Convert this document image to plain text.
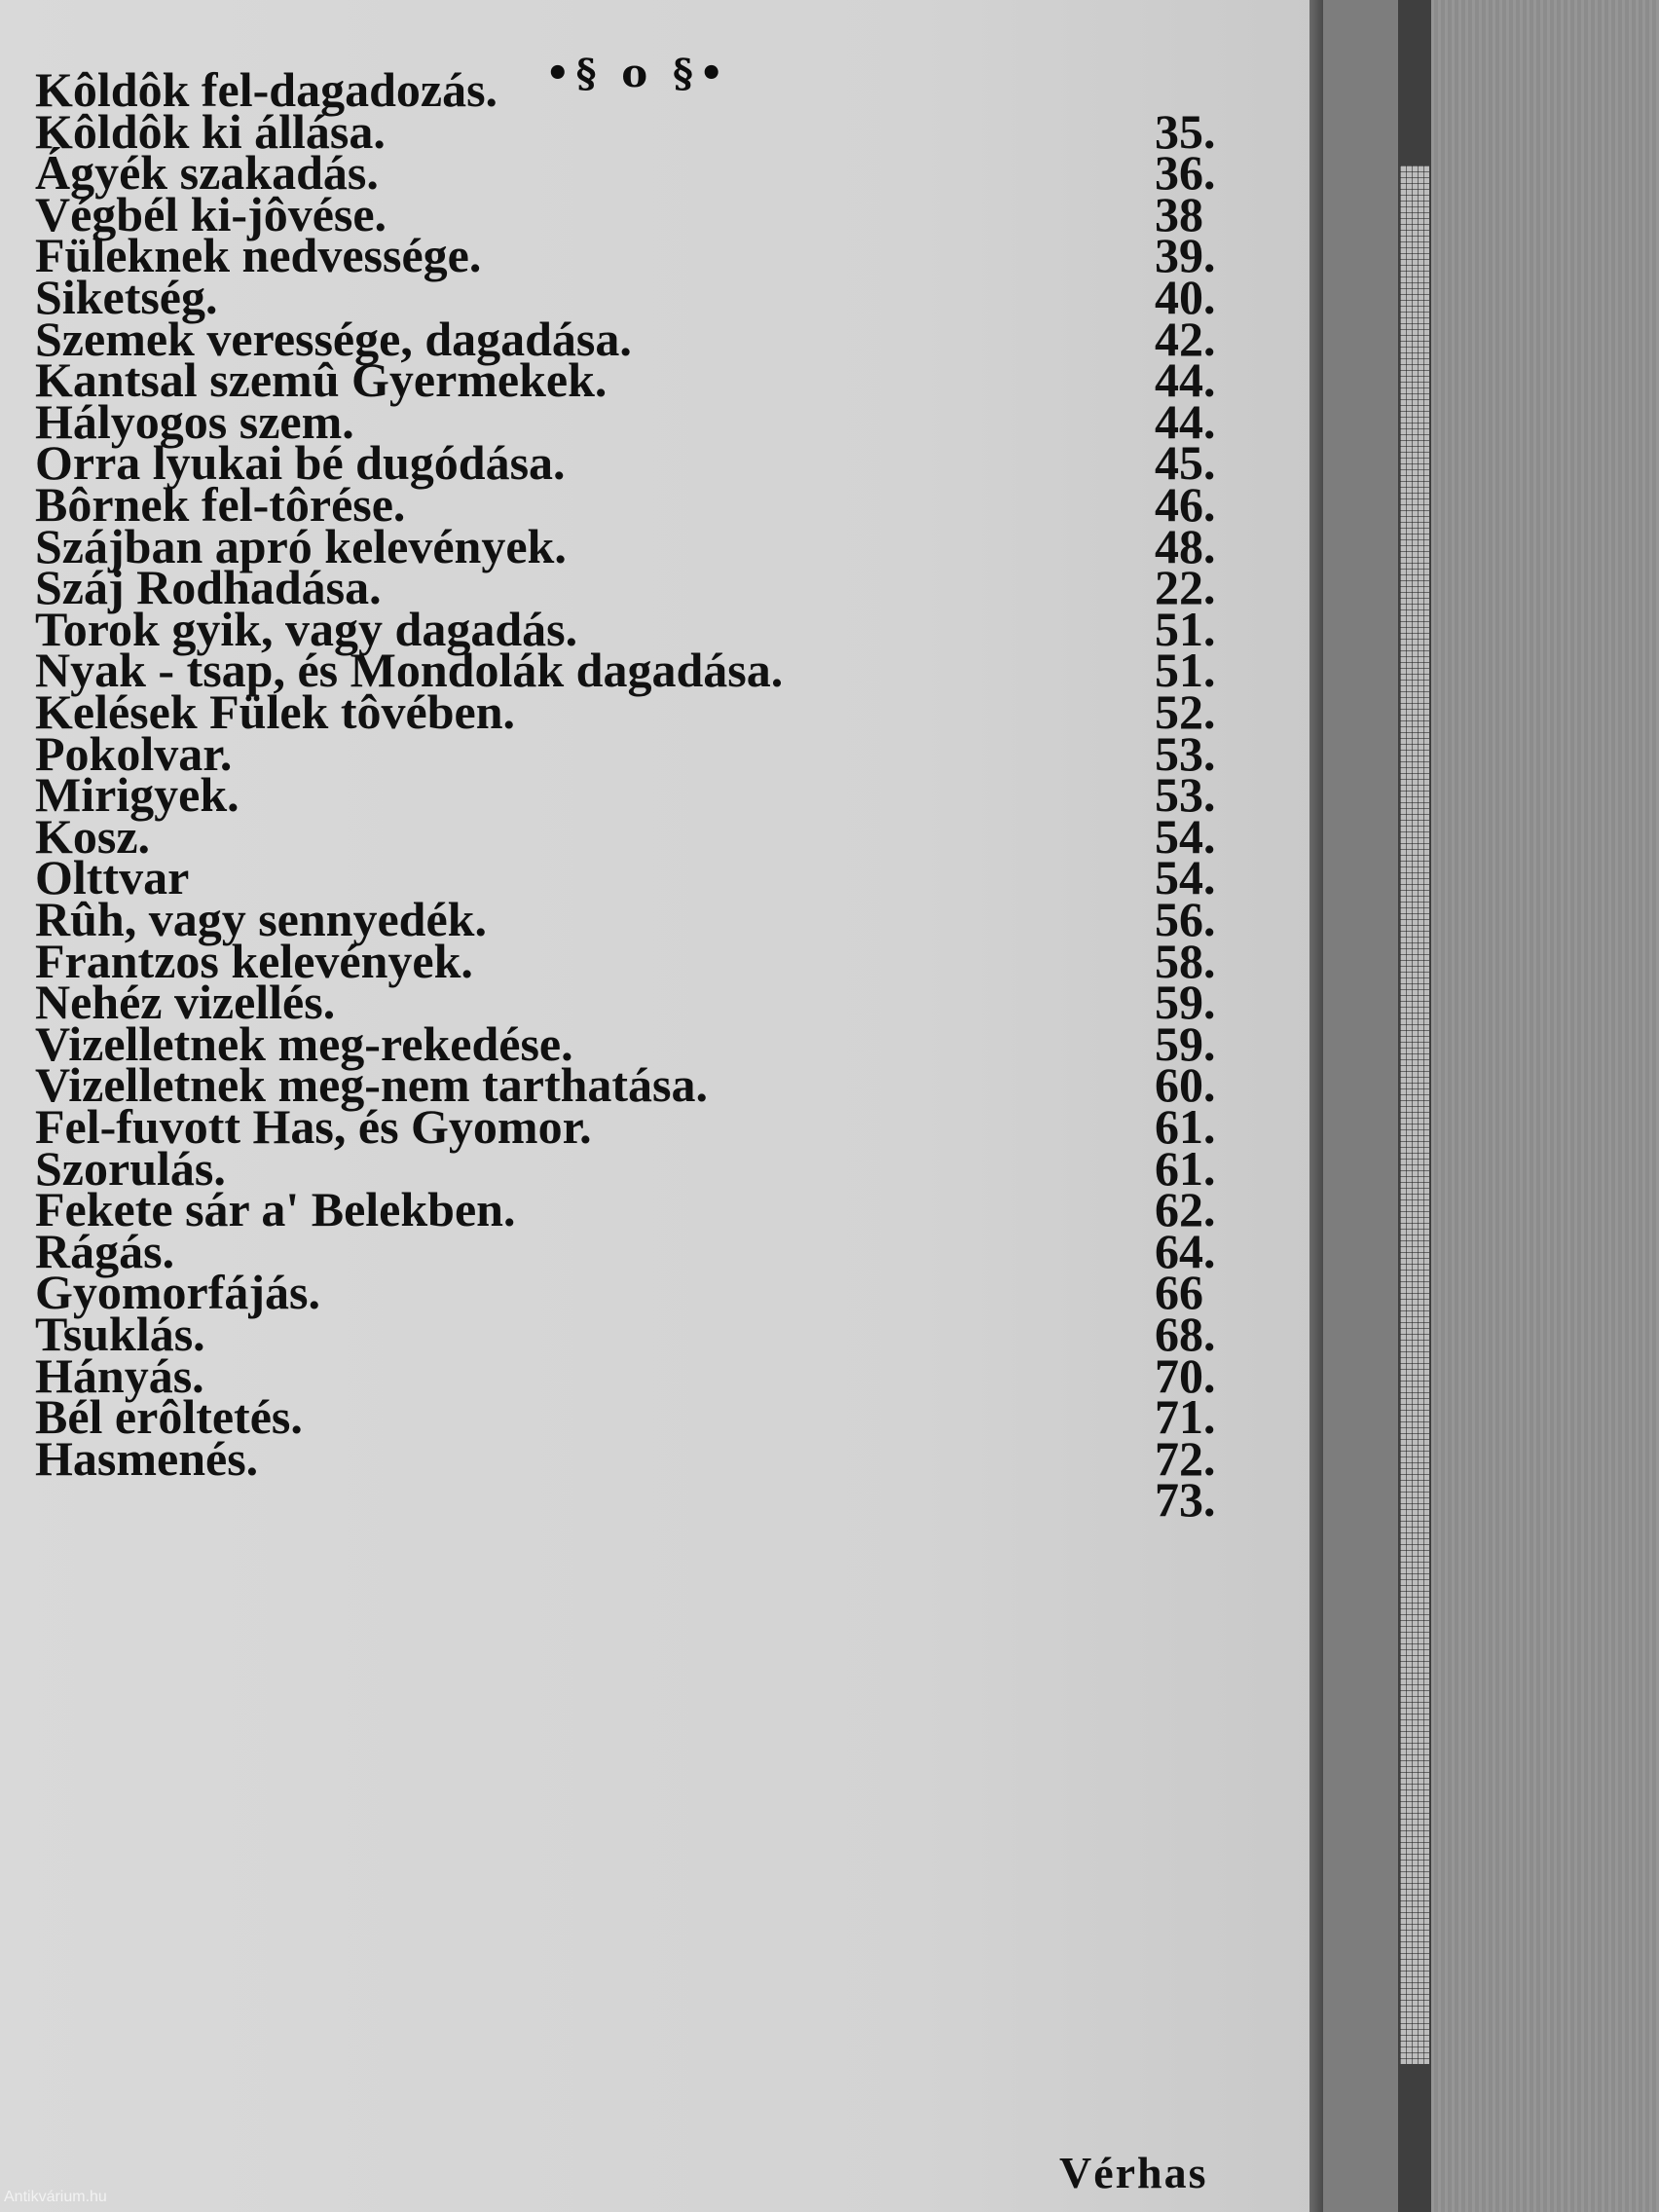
•§ o §•
Kôldôk fel-dagadozás.
Kôldôk ki állása.	35.
Ágyék szakadás.	36.
Végbél ki-jôvése.	38
Füleknek nedvessége.	39.
Siketség.	40.
Szemek veressége, dagadása.	42.
Kantsal szemû Gyermekek.	44.
Hályogos szem.	44.
Orra lyukai bé dugódása.	45.
Bôrnek fel-tôrése.	46.
Szájban apró kelevények.	48.
Száj Rodhadása.	22.
Torok gyik, vagy dagadás.	51.
Nyak - tsap, és Mondolák dagadása.	51.
Kelések Fülek tôvében.	52.
Pokolvar.	53.
Mirigyek.	53.
Kosz.	54.
Olttvar	54.
Rûh, vagy sennyedék.	56.
Frantzos kelevények.	58.
Nehéz vizellés.	59.
Vizelletnek meg-rekedése.	59.
Vizelletnek meg-nem tarthatása.	60.
Fel-fuvott Has, és Gyomor.	61.
Szorulás.	61.
Fekete sár a' Belekben.	62.
Rágás.	64.
Gyomorfájás.	66
Tsuklás.	68.
Hányás.	70.
Bél erôltetés.	71.
Hasmenés.	72.
73.
Vérhas
Antikvárium.hu
